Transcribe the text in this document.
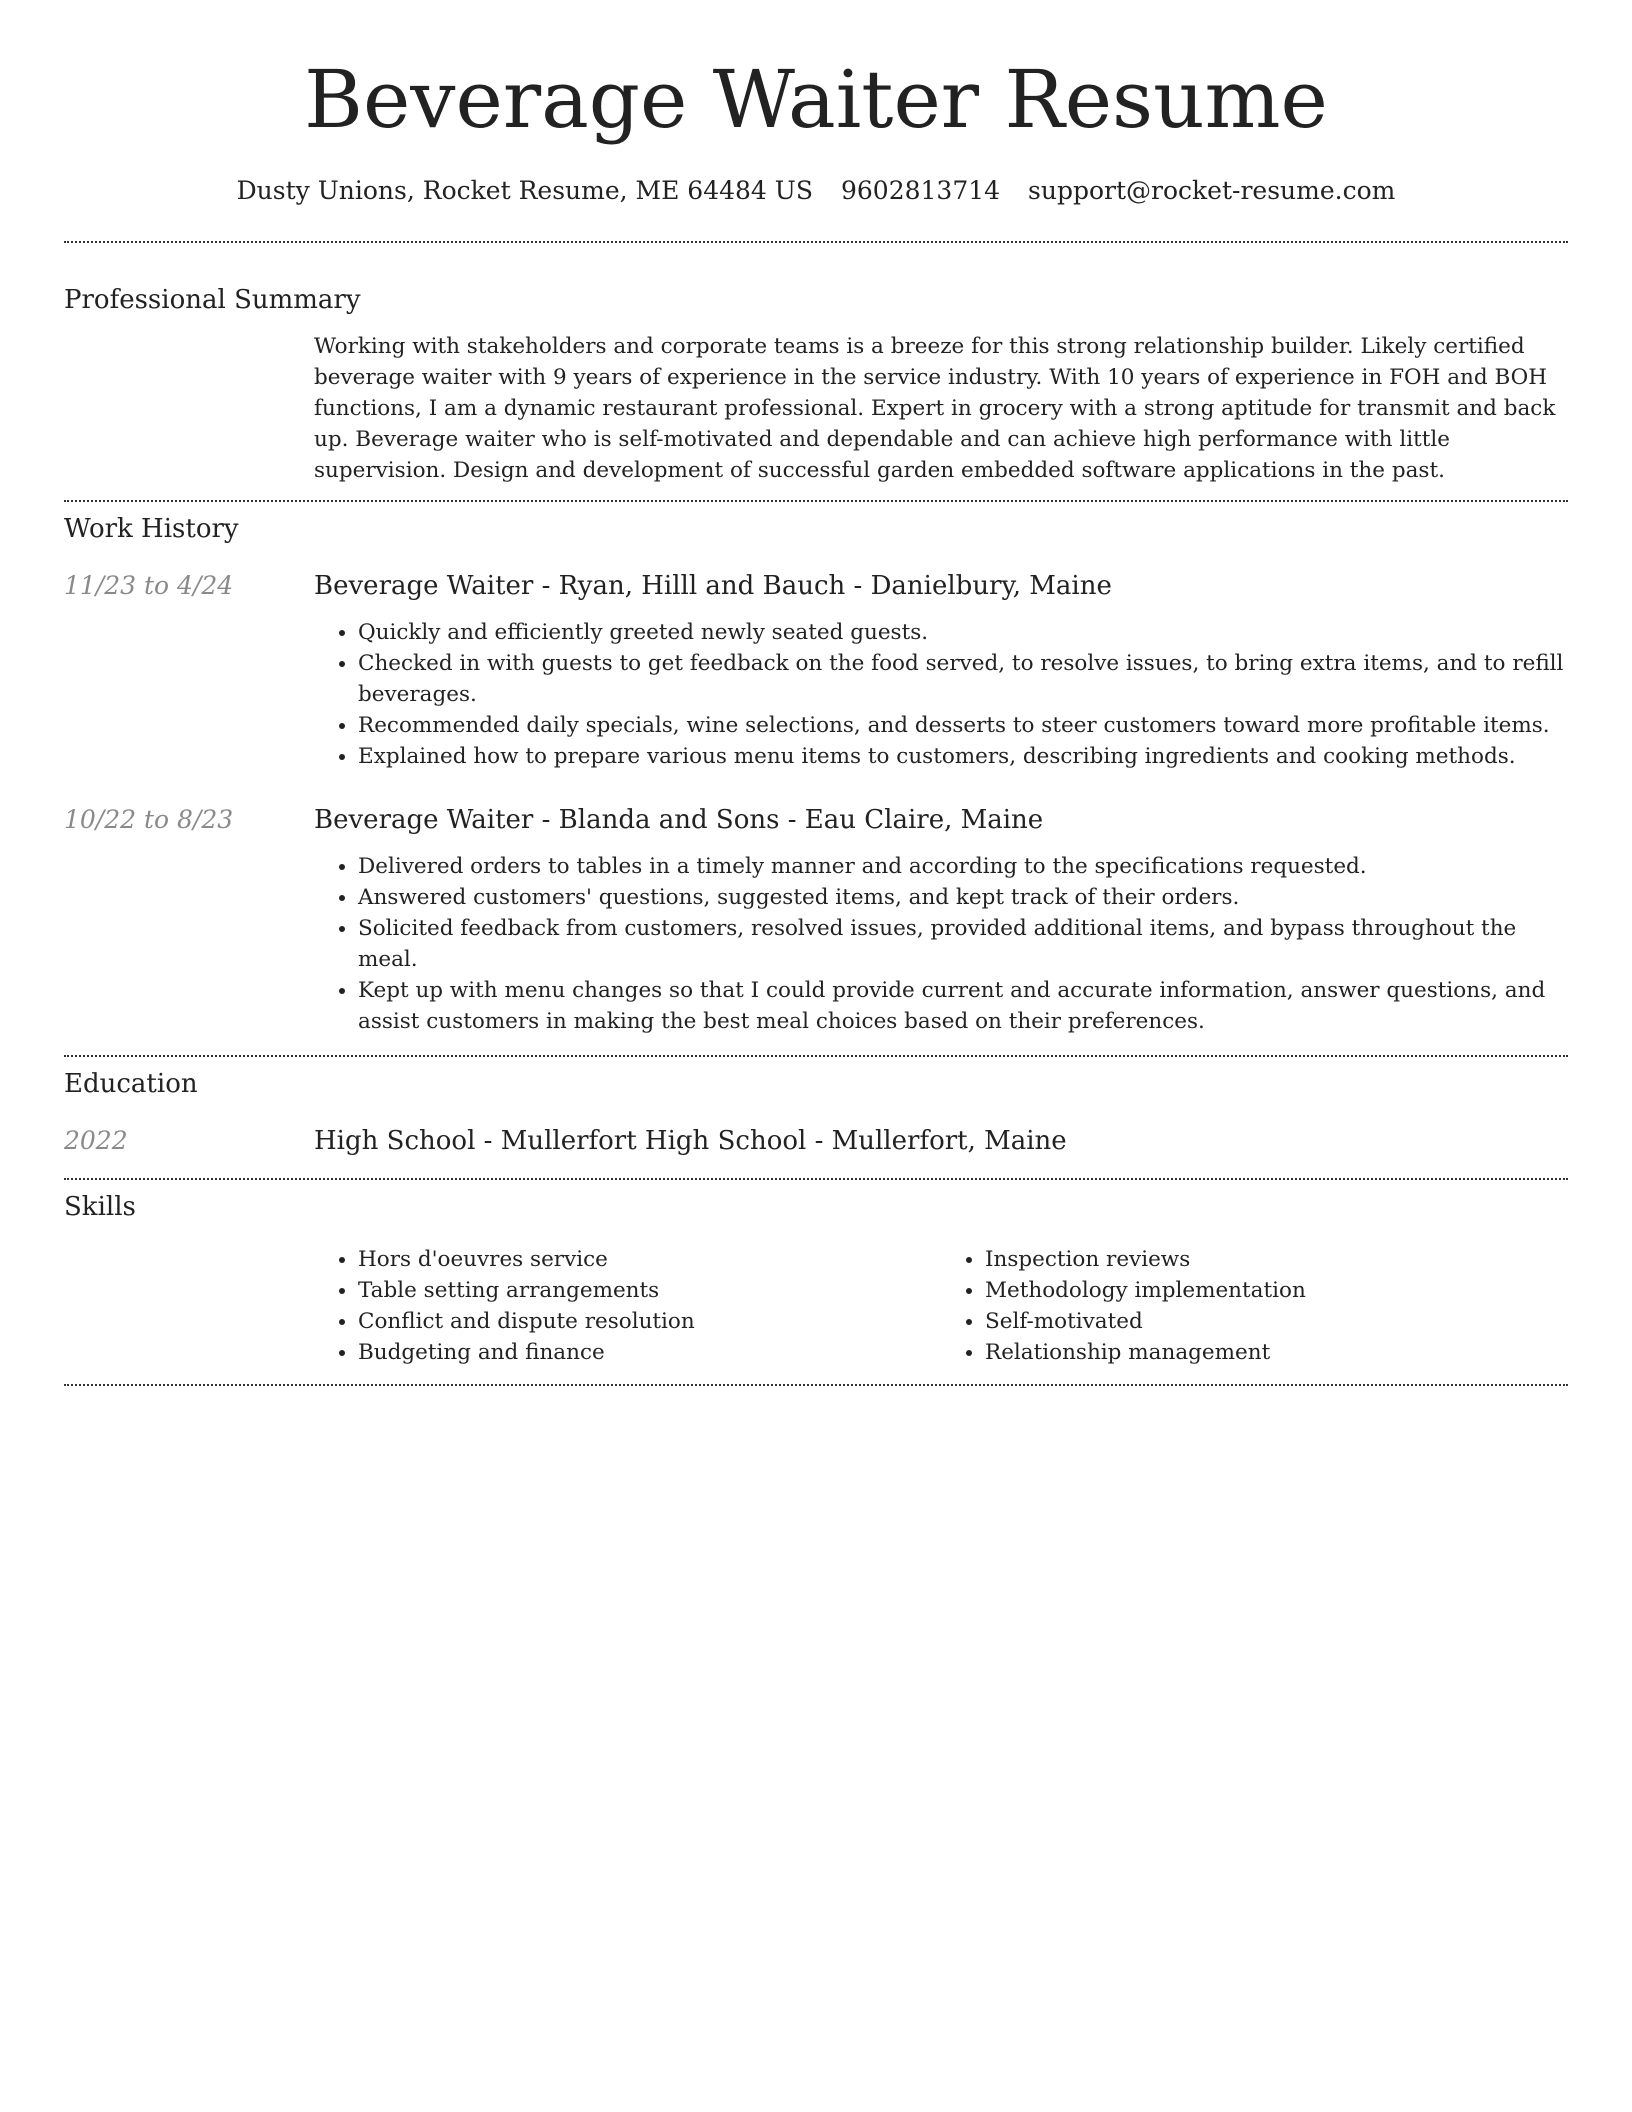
Beverage Waiter Resume
Dusty Unions, Rocket Resume, ME 64484 US 9602813714 support@rocket-resume.com
Professional Summary

Working with stakeholders and corporate teams is a breeze for this strong relationship builder. Likely certified beverage waiter with 9 years of experience in the service industry. With 10 years of experience in FOH and BOH functions, I am a dynamic restaurant professional. Expert in grocery with a strong aptitude for transmit and back up. Beverage waiter who is self-motivated and dependable and can achieve high performance with little supervision. Design and development of successful garden embedded software applications in the past.

Work History
11/23 to 4/24	Beverage Waiter - Ryan, Hilll and Bauch - Danielbury, Maine
• Quickly and efficiently greeted newly seated guests.
• Checked in with guests to get feedback on the food served, to resolve issues, to bring extra items, and to refill beverages.
• Recommended daily specials, wine selections, and desserts to steer customers toward more profitable items.
• Explained how to prepare various menu items to customers, describing ingredients and cooking methods.
10/22 to 8/23	Beverage Waiter - Blanda and Sons - Eau Claire, Maine
• Delivered orders to tables in a timely manner and according to the specifications requested.
• Answered customers' questions, suggested items, and kept track of their orders.
• Solicited feedback from customers, resolved issues, provided additional items, and bypass throughout the meal.
• Kept up with menu changes so that I could provide current and accurate information, answer questions, and assist customers in making the best meal choices based on their preferences.
Education
2022	High School - Mullerfort High School - Mullerfort, Maine
Skills
• Hors d'oeuvres service
• Table setting arrangements
• Conflict and dispute resolution
• Budgeting and finance
• Inspection reviews
• Methodology implementation
• Self-motivated
• Relationship management
